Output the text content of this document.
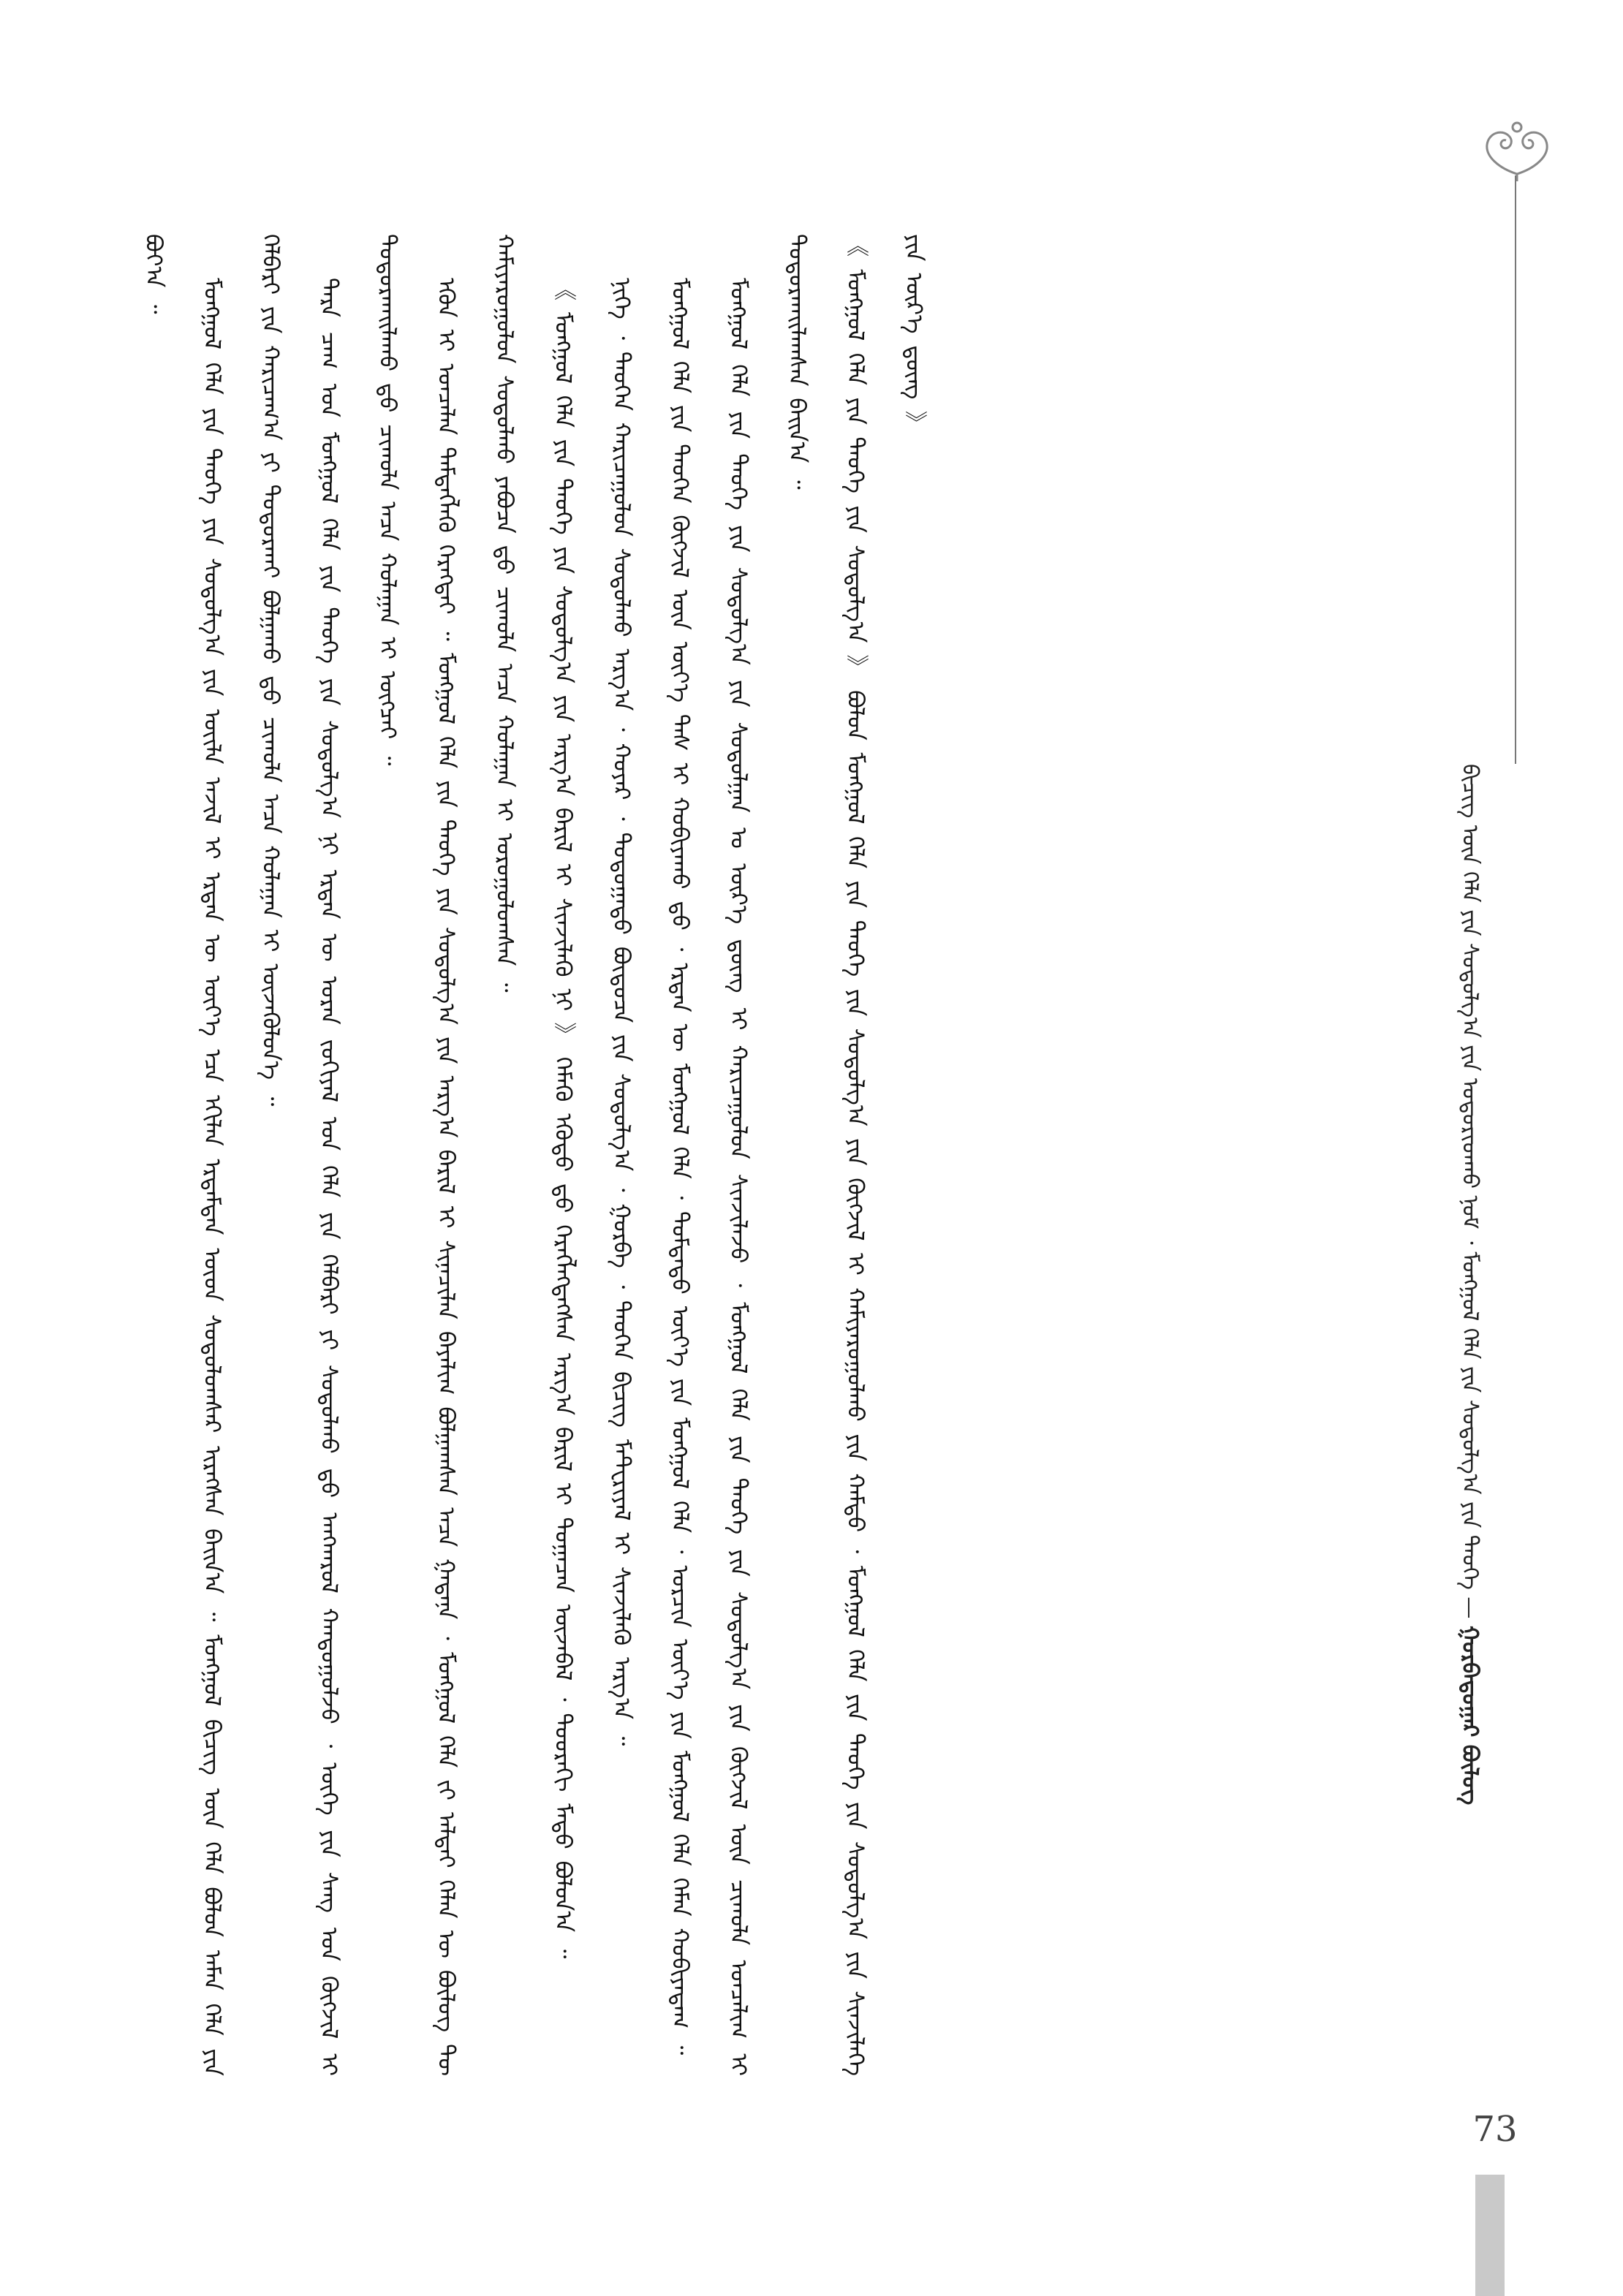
ᠪᠢᠴᠢᠭ ᠦᠨ ᠬᠡᠯᠡ ᠶᠢᠨ ᠰᠤᠳᠤᠯᠭ᠎ᠠ ᠶᠢᠨ ᠤᠳᠤᠷᠢᠳᠬᠤ ᠨᠣᠮ ᠂ ᠮᠣᠩᠭᠣᠯ ᠬᠡᠯᠡ ᠶᠢᠨ ᠰᠤᠳᠤᠯᠭ᠎ᠠ ᠶᠢᠨ ᠲᠡᠦᠬᠡ — ᠭᠤᠷᠪᠠᠳᠤᠭᠠᠷ ᠪᠦᠯᠦᠭ

ᠪᠤᠶ᠎ᠠ ᠃

ᠮᠣᠩᠭᠣᠯ ᠬᠡᠯᠡ ᠶᠢᠨ ᠲᠡᠦᠬᠡ ᠶᠢᠨ ᠰᠤᠳᠤᠯᠭ᠎ᠠ ᠶᠢᠨ ᠦᠢᠯᠡ ᠠᠵᠢᠯ ᠢ ᠡᠷᠲᠡᠨ ᠦ ᠦᠶ᠎ᠡ ᠡᠴᠡ ᠡᠬᠢᠯᠡᠨ ᠡᠷᠳᠡᠮᠲᠡᠨ ᠦᠳ ᠰᠤᠳᠤᠯᠤᠭᠰᠠᠷ ᠢᠷᠡᠭᠰᠡᠨ ᠪᠠᠢᠨ᠎ᠠ ᠃ ᠮᠣᠩᠭᠣᠯ ᠪᠢᠴᠢᠭ ᠦᠨ ᠬᠡᠯᠡ ᠪᠣᠯᠣᠨ ᠠᠮᠠᠨ ᠬᠡᠯᠡ ᠶᠢᠨ ᠬᠡᠯᠪᠡᠷᠢ ᠶᠢᠨ ᠬᠠᠷᠢᠴᠠᠭ᠎ᠠ ᠶᠢ ᠲᠣᠳᠤᠷᠬᠠᠢ ᠪᠣᠯᠭᠠᠬᠤ ᠳ᠋ᠤ ᠴᠢᠬᠤᠯᠠ ᠠᠴᠠ ᠬᠤᠯᠠᠭᠠᠨ ᠢ ᠦᠵᠡᠭᠦᠯᠦᠨ᠎ᠡ ᠃	ᠲᠡᠷᠡ ᠴᠠᠭ ᠤᠨ ᠮᠣᠩᠭᠣᠯ ᠬᠡᠯᠡ ᠶᠢᠨ ᠲᠡᠦᠬᠡ ᠶᠢᠨ ᠰᠤᠳᠤᠯᠭ᠎ᠠ ᠨᠢ ᠡᠷᠲᠡᠨ ᠦ ᠤᠷᠠᠨ ᠵᠣᠬᠢᠶᠠᠯ ᠤᠨ ᠬᠡᠯᠡ ᠶᠢᠨ ᠬᠡᠯᠪᠡᠷᠢ ᠶᠢ ᠰᠤᠳᠤᠯᠬᠤ ᠳ᠋ᠤ ᠠᠨᠭᠬᠠᠷᠤᠯ ᠬᠠᠨᠳᠤᠭᠤᠯᠵᠤ ᠂ ᠦᠭᠡ ᠶᠢᠨ ᠰᠠᠩ ᠤᠨ ᠬᠥᠭᠵᠢᠯ ᠢ ᠲᠣᠳᠤᠷᠬᠠᠢᠯᠠᠬᠤ ᠳ᠋ᠤ ᠴᠢᠬᠤᠯᠠ ᠠᠴᠠ ᠬᠤᠯᠠᠭᠠᠨ ᠢ ᠥᠭᠴᠡᠢ ᠃	ᠡᠭᠦᠨ ᠢ ᠣᠨᠴᠠᠯᠠᠨ ᠲᠡᠮᠳᠡᠭᠯᠡᠬᠦ ᠬᠡᠷᠡᠭᠲᠡᠢ ᠃ ᠮᠣᠩᠭᠣᠯ ᠬᠡᠯᠡ ᠶᠢᠨ ᠲᠡᠦᠬᠡ ᠶᠢᠨ ᠰᠤᠳᠤᠯᠭ᠎ᠠ ᠶᠢᠨ ᠠᠷᠭ᠎ᠠ ᠪᠠᠷᠢᠯ ᠢ ᠰᠢᠨᠡᠴᠢᠯᠡᠨ ᠪᠠᠶᠠᠯᠢᠭ ᠪᠣᠯᠭᠠᠭᠰᠠᠨ ᠠᠴᠠ ᠭᠠᠳᠠᠨᠠ ᠂ ᠮᠣᠩᠭᠣᠯ ᠬᠡᠯᠡ ᠵᠢ ᠠᠯᠲᠠᠢ ᠬᠡᠯᠡᠨ ᠦ ᠪᠦᠯᠦᠭ ᠲᠦ ᠬᠠᠮᠢᠶᠠᠷᠤᠭᠤᠯᠤᠨ ᠰᠤᠳᠤᠯᠬᠤ ᠶᠠᠪᠤᠴᠠ ᠳ᠋ᠤ ᠴᠢᠬᠤᠯᠠ ᠠᠴᠠ ᠬᠤᠯᠠᠭᠠᠨ ᠢ ᠣᠷᠤᠭᠤᠯᠤᠭᠰᠠᠨ ᠃	《 ᠮᠣᠩᠭᠣᠯ ᠬᠡᠯᠡ ᠶᠢᠨ ᠲᠡᠦᠬᠡ ᠶᠢᠨ ᠰᠤᠳᠤᠯᠭ᠎ᠠ ᠶᠢᠨ ᠠᠷᠭ᠎ᠠ ᠪᠠᠷᠢᠯ ᠢ ᠰᠢᠨᠵᠢᠯᠡᠬᠦ ᠨᠢ 》 ᠬᠡᠮᠡᠬᠦ ᠡᠭᠦᠳᠦ ᠳ᠋ᠤ ᠬᠡᠷᠡᠭᠯᠡᠭᠳᠡᠭᠰᠡᠨ ᠠᠷᠭ᠎ᠠ ᠪᠠᠷᠢᠯ ᠢ ᠲᠣᠭᠠᠴᠠᠨ ᠦᠵᠡᠪᠡᠯ ᠂ ᠳᠣᠣᠷᠠᠬᠢ ᠮᠡᠲᠦ ᠪᠣᠯᠤᠨ᠎ᠠ ᠃	ᠨᠢᠭᠡ ᠂ ᠲᠡᠦᠬᠡᠨ ᠬᠠᠷᠢᠴᠠᠭᠤᠯᠤᠨ ᠰᠤᠳᠤᠯᠬᠤ ᠠᠷᠭ᠎ᠠ ᠂ ᠬᠣᠶᠠᠷ ᠂ ᠳᠣᠲᠣᠭᠠᠳᠤ ᠪᠦᠲᠦᠴᠡ ᠶᠢᠨ ᠰᠤᠳᠤᠯᠭ᠎ᠠ ᠂ ᠭᠤᠷᠪᠠ ᠂ ᠲᠡᠦᠬᠡᠨ ᠪᠢᠴᠢᠭ ᠮᠠᠲ᠋ᠧᠷᠢᠶᠠᠯ ᠢ ᠰᠢᠨᠵᠢᠯᠡᠬᠦ ᠠᠷᠭ᠎ᠠ ᠃	ᠮᠣᠩᠭᠣᠯ ᠬᠡᠯᠡ ᠶᠢᠨ ᠲᠡᠦᠬᠡᠨ ᠬᠥᠭᠵᠢᠯ ᠦᠨ ᠦᠶ᠎ᠡ ᠳᠡᠰ ᠢ ᠬᠤᠪᠢᠶᠠᠬᠤ ᠳ᠋ᠤ ᠂ ᠡᠷᠲᠡᠨ ᠦ ᠮᠣᠩᠭᠣᠯ ᠬᠡᠯᠡ ᠂ ᠳᠤᠮᠳᠠᠳᠤ ᠦᠶ᠎ᠡ ᠶᠢᠨ ᠮᠣᠩᠭᠣᠯ ᠬᠡᠯᠡ ᠂ ᠣᠷᠴᠢᠨ ᠦᠶ᠎ᠡ ᠶᠢᠨ ᠮᠣᠩᠭᠣᠯ ᠬᠡᠯᠡ ᠬᠡᠮᠡᠨ ᠬᠤᠪᠢᠶᠠᠳᠠᠭ ᠃	ᠮᠣᠩᠭᠣᠯ ᠬᠡᠯᠡ ᠶᠢᠨ ᠲᠡᠦᠬᠡ ᠶᠢᠨ ᠰᠤᠳᠤᠯᠭ᠎ᠠ ᠶᠢᠨ ᠰᠣᠳᠤᠯᠭᠠᠨ ᠤ ᠦᠷ᠎ᠡ ᠳ᠋ᠦᠩ ᠢ ᠬᠠᠷᠢᠴᠠᠭᠤᠯᠤᠨ ᠰᠢᠨᠵᠢᠯᠡᠵᠦ ᠂ ᠮᠣᠩᠭᠣᠯ ᠬᠡᠯᠡ ᠶᠢᠨ ᠲᠡᠦᠬᠡ ᠶᠢᠨ ᠰᠤᠳᠤᠯᠭ᠎ᠠ ᠶᠢᠨ ᠬᠥᠭᠵᠢᠯ ᠦᠨ ᠴᠢᠬᠤᠯᠠ ᠣᠨᠴᠠᠯᠢᠭ ᠢ ᠲᠣᠳᠣᠷᠬᠠᠢᠯᠠᠭᠰᠠᠨ ᠪᠠᠢᠨ᠎ᠠ ᠃	《 ᠮᠣᠩᠭᠣᠯ ᠬᠡᠯᠡ ᠶᠢᠨ ᠲᠡᠦᠬᠡ ᠶᠢᠨ ᠰᠤᠳᠤᠯᠭ᠎ᠠ 》 ᠪᠣᠯᠣᠨ ᠮᠣᠩᠭᠣᠯ ᠬᠡᠯᠡ ᠶᠢᠨ ᠲᠡᠦᠬᠡ ᠶᠢᠨ ᠰᠤᠳᠤᠯᠭ᠎ᠠ ᠶᠢᠨ ᠬᠥᠭᠵᠢᠯ ᠢ ᠬᠠᠮᠢᠶᠠᠷᠤᠭᠤᠯᠬᠤ ᠶᠢᠨ ᠬᠠᠮᠲᠤ ᠂ ᠮᠣᠩᠭᠣᠯ ᠬᠡᠯᠡ ᠶᠢᠨ ᠲᠡᠦᠬᠡ ᠶᠢᠨ ᠰᠤᠳᠤᠯᠭ᠎ᠠ ᠶᠢᠨ ᠰᠢᠨᠵᠢᠯᠡᠭᠡ ᠶᠢᠨ ᠦᠷ᠎ᠡ ᠳ᠋ᠦᠩ 》

73
